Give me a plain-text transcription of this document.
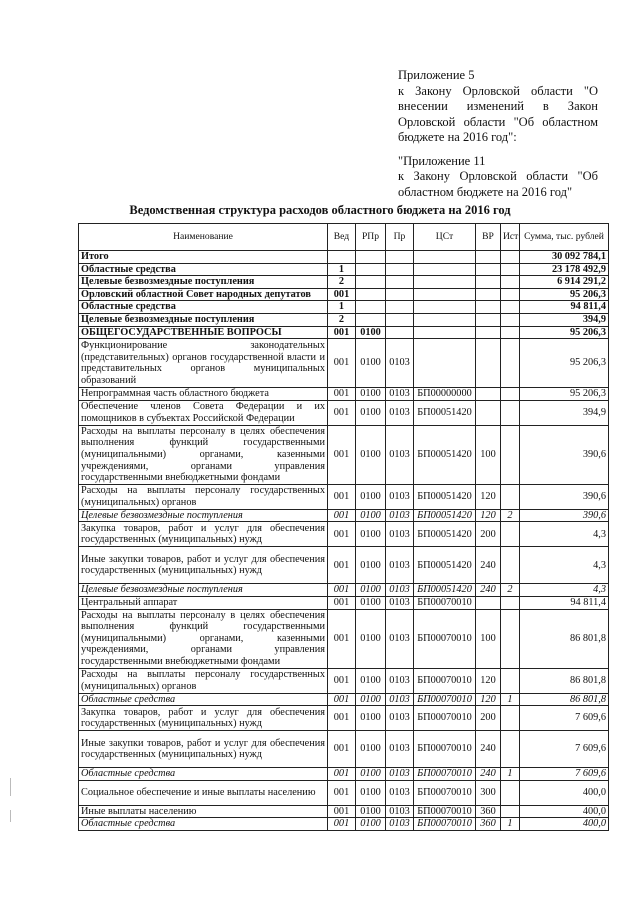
Приложение 5

к Закону Орловской области "О

внесении изменений в Закон

Орловской области "Об областном

бюджете на 2016 год":

"Приложение 11

к Закону Орловской области "Об

областном бюджете на 2016 год"

Ведомственная структура расходов областного бюджета на 2016 год
Наименование	Вед	РПр	Пр	ЦСт	ВР	Ист	Сумма, тыс. рублей
Итого							30 092 784,1
Областные средства	1						23 178 492,9
Целевые безвозмездные поступления	2						6 914 291,2
Орловский областной Совет народных депутатов	001						95 206,3
Областные средства	1						94 811,4
Целевые безвозмездные поступления	2						394,9
ОБЩЕГОСУДАРСТВЕННЫЕ ВОПРОСЫ	001	0100					95 206,3
Функционирование законодательных (представительных) органов государственной власти и представительных органов муниципальных образований	001	0100	0103				95 206,3
Непрограммная часть областного бюджета	001	0100	0103	БП00000000			95 206,3
Обеспечение членов Совета Федерации и их помощников в субъектах Российской Федерации	001	0100	0103	БП00051420			394,9
Расходы на выплаты персоналу в целях обеспечения выполнения функций государственными (муниципальными) органами, казенными учреждениями, органами управления государственными внебюджетными фондами	001	0100	0103	БП00051420	100		390,6
Расходы на выплаты персоналу государственных (муниципальных) органов	001	0100	0103	БП00051420	120		390,6
Целевые безвозмездные поступления	001	0100	0103	БП00051420	120	2	390,6
Закупка товаров, работ и услуг для обеспечения государственных (муниципальных) нужд	001	0100	0103	БП00051420	200		4,3
Иные закупки товаров, работ и услуг для обеспечения государственных (муниципальных) нужд	001	0100	0103	БП00051420	240		4,3
Целевые безвозмездные поступления	001	0100	0103	БП00051420	240	2	4,3
Центральный аппарат	001	0100	0103	БП00070010			94 811,4
Расходы на выплаты персоналу в целях обеспечения выполнения функций государственными (муниципальными) органами, казенными учреждениями, органами управления государственными внебюджетными фондами	001	0100	0103	БП00070010	100		86 801,8
Расходы на выплаты персоналу государственных (муниципальных) органов	001	0100	0103	БП00070010	120		86 801,8
Областные средства	001	0100	0103	БП00070010	120	1	86 801,8
Закупка товаров, работ и услуг для обеспечения государственных (муниципальных) нужд	001	0100	0103	БП00070010	200		7 609,6
Иные закупки товаров, работ и услуг для обеспечения государственных (муниципальных) нужд	001	0100	0103	БП00070010	240		7 609,6
Областные средства	001	0100	0103	БП00070010	240	1	7 609,6
Социальное обеспечение и иные выплаты населению	001	0100	0103	БП00070010	300		400,0
Иные выплаты населению	001	0100	0103	БП00070010	360		400,0
Областные средства	001	0100	0103	БП00070010	360	1	400,0
